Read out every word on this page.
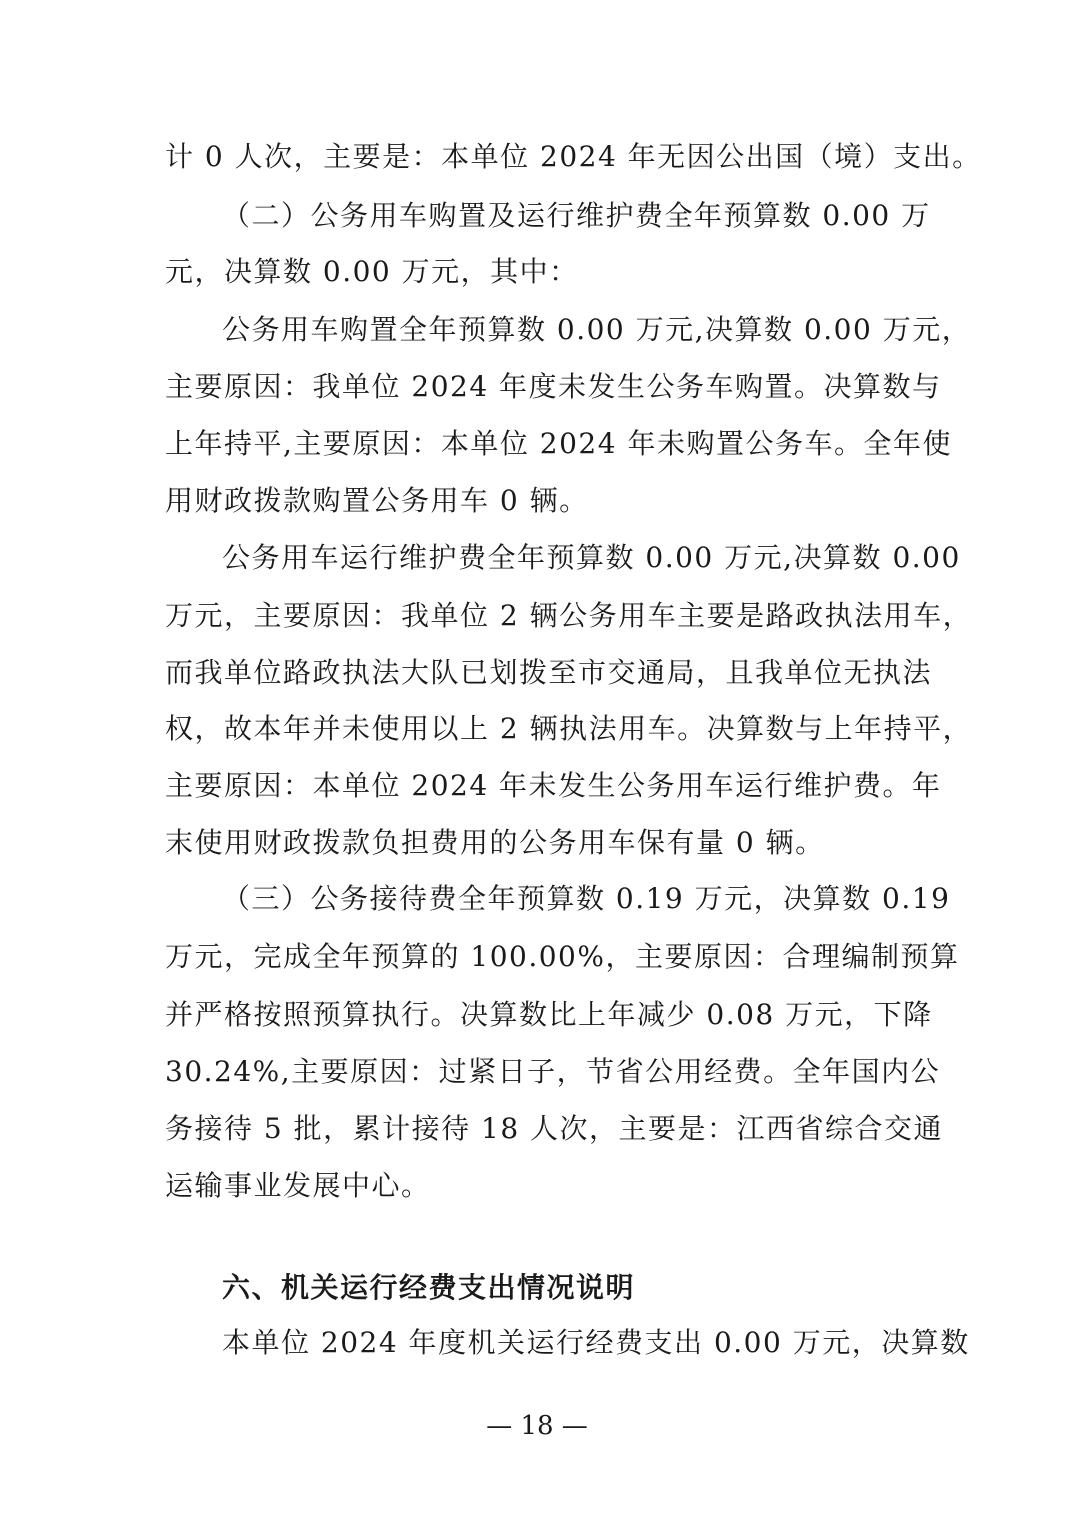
计 0 人次，主要是：本单位 2024 年无因公出国（境）支出。
（二）公务用车购置及运行维护费全年预算数 0.00 万
元，决算数 0.00 万元，其中：
公务用车购置全年预算数 0.00 万元,决算数 0.00 万元，
主要原因：我单位 2024 年度未发生公务车购置。决算数与
上年持平,主要原因：本单位 2024 年未购置公务车。全年使
用财政拨款购置公务用车 0 辆。
公务用车运行维护费全年预算数 0.00 万元,决算数 0.00
万元，主要原因：我单位 2 辆公务用车主要是路政执法用车，
而我单位路政执法大队已划拨至市交通局，且我单位无执法
权，故本年并未使用以上 2 辆执法用车。决算数与上年持平，
主要原因：本单位 2024 年未发生公务用车运行维护费。年
末使用财政拨款负担费用的公务用车保有量 0 辆。
（三）公务接待费全年预算数 0.19 万元，决算数 0.19
万元，完成全年预算的 100.00%，主要原因：合理编制预算
并严格按照预算执行。决算数比上年减少 0.08 万元，下降
30.24%,主要原因：过紧日子，节省公用经费。全年国内公
务接待 5 批，累计接待 18 人次，主要是：江西省综合交通
运输事业发展中心。
六、机关运行经费支出情况说明
本单位 2024 年度机关运行经费支出 0.00 万元，决算数
— 18 —
